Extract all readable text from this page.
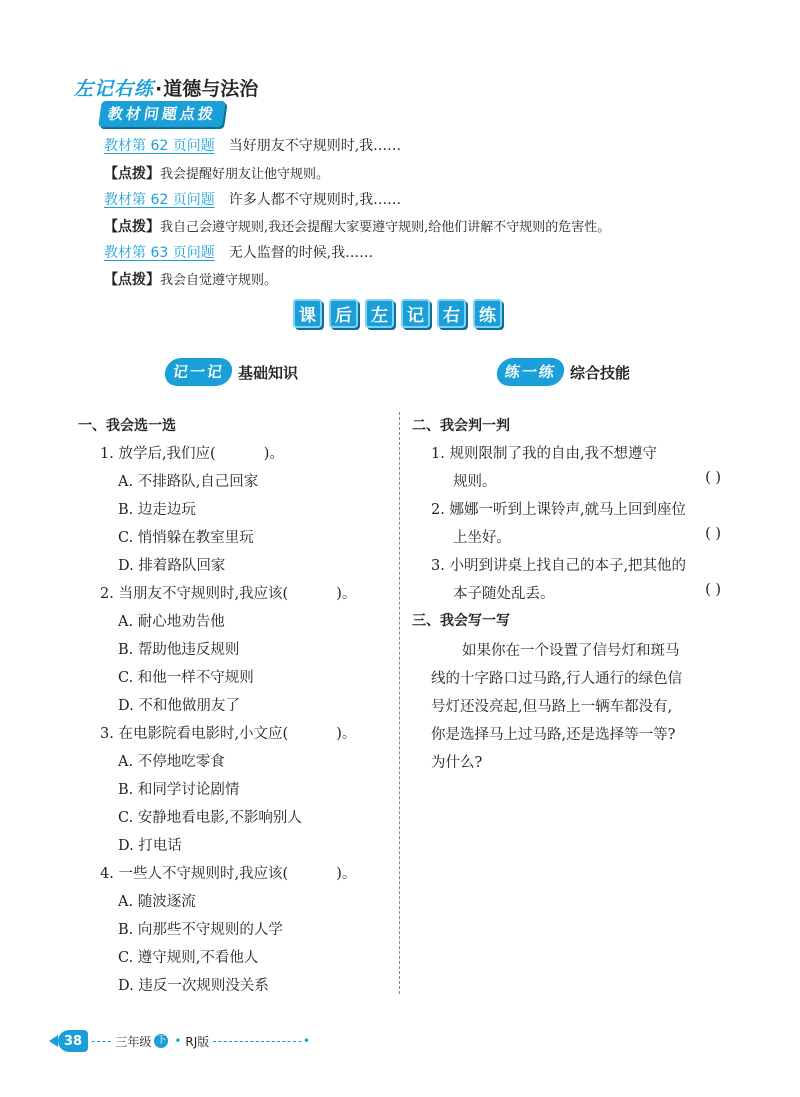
左记右练·道德与法治
教材问题点拨
教材第 62 页问题 当好朋友不守规则时,我……
【点拨】我会提醒好朋友让他守规则。
教材第 62 页问题 许多人都不守规则时,我……
【点拨】我自己会遵守规则,我还会提醒大家要遵守规则,给他们讲解不守规则的危害性。
教材第 63 页问题 无人监督的时候,我……
【点拨】我会自觉遵守规则。
课	后	左	记	右	练
记一记 基础知识	练一练 综合技能
一、我会选一选
1. 放学后,我们应(	)。
A. 不排路队,自己回家
B. 边走边玩
C. 悄悄躲在教室里玩
D. 排着路队回家
2. 当朋友不守规则时,我应该(	)。
A. 耐心地劝告他
B. 帮助他违反规则
C. 和他一样不守规则
D. 不和他做朋友了
3. 在电影院看电影时,小文应(	)。
A. 不停地吃零食
B. 和同学讨论剧情
C. 安静地看电影,不影响别人
D. 打电话
4. 一些人不守规则时,我应该(	)。
A. 随波逐流
B. 向那些不守规则的人学
C. 遵守规则,不看他人
D. 违反一次规则没关系
二、我会判一判
1. 规则限制了我的自由,我不想遵守
规则。	( )
2. 娜娜一听到上课铃声,就马上回到座位
上坐好。	( )
3. 小明到讲桌上找自己的本子,把其他的
本子随处乱丢。	( )
三、我会写一写
如果你在一个设置了信号灯和斑马
线的十字路口过马路,行人通行的绿色信
号灯还没亮起,但马路上一辆车都没有,
你是选择马上过马路,还是选择等一等?
为什么?
38 ---- 三年级 下 • RJ版 -----------------•
